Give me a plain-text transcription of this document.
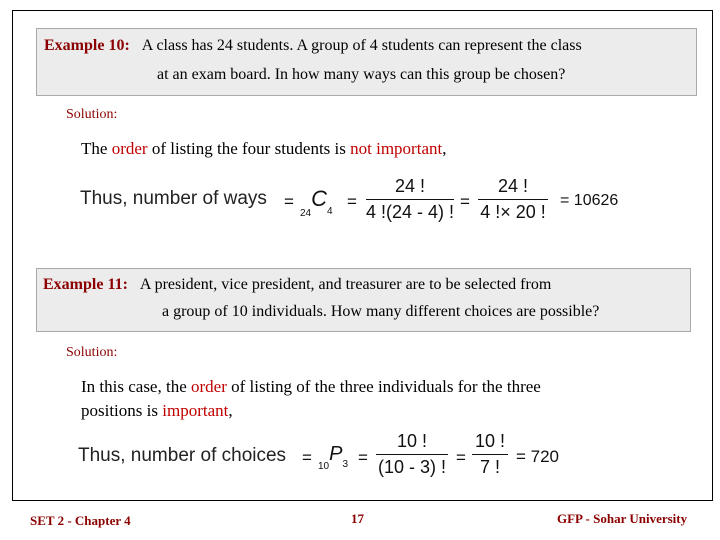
Example 10: A class has 24 students. A group of 4 students can represent the class
at an exam board. In how many ways can this group be chosen?
Solution:
The order of listing the four students is not important,
Thus, number of ways =
$_{24}C_4$
=
24 !
4 !(24 - 4) !
=
24 !
4 !× 20 !
= 10626
Example 11: A president, vice president, and treasurer are to be selected from
a group of 10 individuals. How many different choices are possible?
Solution:
In this case, the order of listing of the three individuals for the three
positions is important,
Thus, number of choices = $_{10}P_3$ =
10 !
(10 - 3) ! =
10 !
7 !
= 720
SET 2 - Chapter 4	17	GFP - Sohar University
